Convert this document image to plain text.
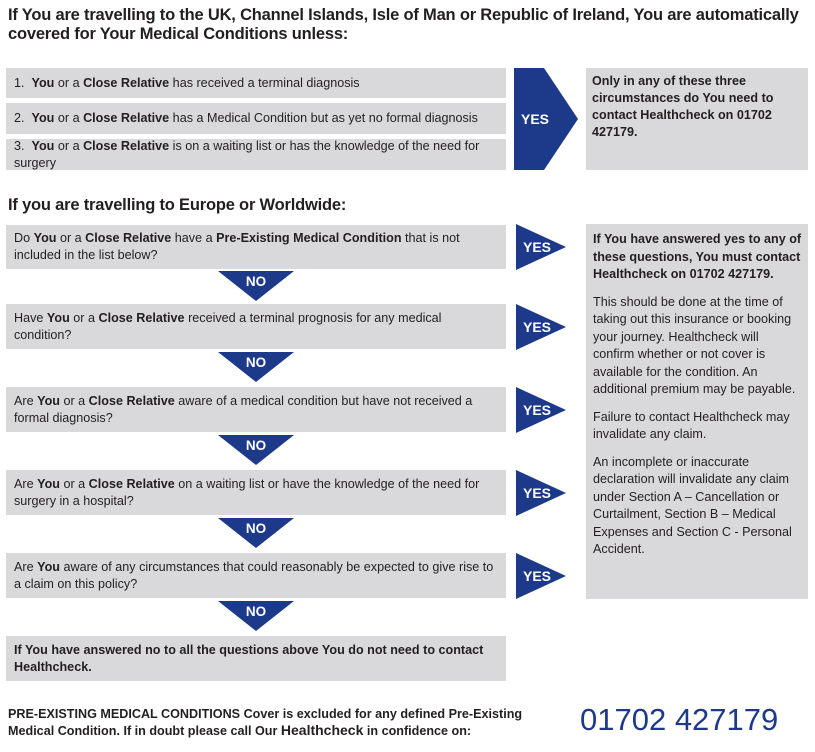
If You are travelling to the UK, Channel Islands, Isle of Man or Republic of Ireland, You are automatically covered for Your Medical Conditions unless:
1. You or a Close Relative has received a terminal diagnosis
2. You or a Close Relative has a Medical Condition but as yet no formal diagnosis
3. You or a Close Relative is on a waiting list or has the knowledge of the need for surgery
YES
Only in any of these three circumstances do You need to contact Healthcheck on 01702 427179.
If you are travelling to Europe or Worldwide:
Do You or a Close Relative have a Pre-Existing Medical Condition that is not included in the list below?
NO
Have You or a Close Relative received a terminal prognosis for any medical condition?
NO
Are You or a Close Relative aware of a medical condition but have not received a formal diagnosis?
NO
Are You or a Close Relative on a waiting list or have the knowledge of the need for surgery in a hospital?
NO
Are You aware of any circumstances that could reasonably be expected to give rise to a claim on this policy?
NO
If You have answered no to all the questions above You do not need to contact Healthcheck.
YES
YES
YES
YES
YES

If You have answered yes to any of these questions, You must contact Healthcheck on 01702 427179.

This should be done at the time of taking out this insurance or booking your journey. Healthcheck will confirm whether or not cover is available for the condition. An additional premium may be payable.

Failure to contact Healthcheck may invalidate any claim.

An incomplete or inaccurate declaration will invalidate any claim under Section A – Cancellation or Curtailment, Section B – Medical Expenses and Section C - Personal Accident.

PRE-EXISTING MEDICAL CONDITIONS Cover is excluded for any defined Pre-Existing Medical Condition. If in doubt please call Our Healthcheck in confidence on:	01702 427179
